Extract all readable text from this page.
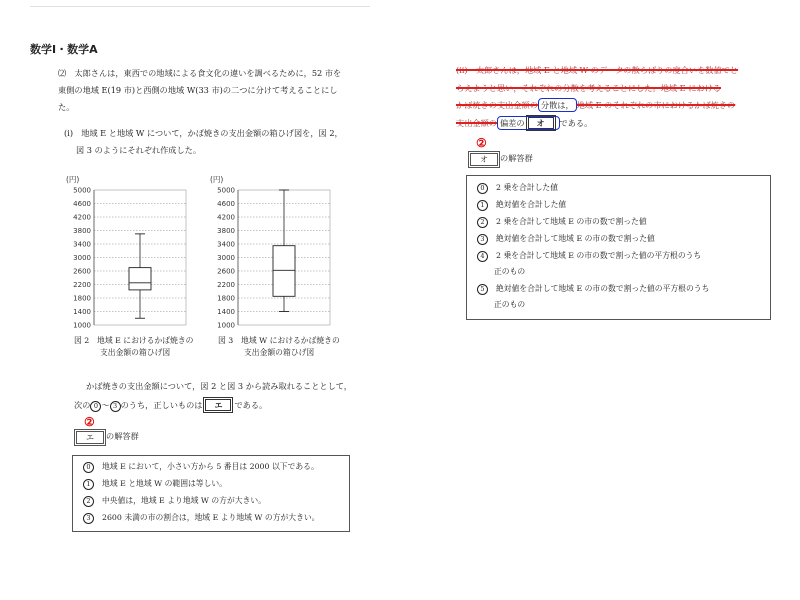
数学Ⅰ・数学A
⑵　太郎さんは，東西での地域による食文化の違いを調べるために，52 市を
東側の地域 E(19 市)と西側の地域 W(33 市)の二つに分けて考えることにし
た。
(i)　地域 E と地域 W について，かば焼きの支出金額の箱ひげ図を，図 2，
図 3 のようにそれぞれ作成した。
(円)
5000
4600
4200
3800
3400
3000
2600
2200
1800
1400
1000
(円)
5000
4600
4200
3800
3400
3000
2600
2200
1800
1400
1000
図 2　地域 E におけるかば焼きの
支出金額の箱ひげ図
図 3　地域 W におけるかば焼きの
支出金額の箱ひげ図
かば焼きの支出金額について，図 2 と図 3 から読み取れることとして，
次の 0 ～ 3 のうち，正しいものは エ である。
②
エ	の解答群
0 地域 E において，小さい方から 5 番目は 2000 以下である。
1 地域 E と地域 W の範囲は等しい。
2 中央値は，地域 E より地域 W の方が大きい。
3 2600 未満の市の割合は，地域 E より地域 W の方が大きい。
(ii)　太郎さんは，地域 E と地域 W のデータの散らばりの度合いを数値でと
らえようと思い，それぞれの分散を考えることにした。地域 E における
かば焼きの支出金額の 分散は， 地域 E のそれぞれの市におけるかば焼きの
支出金額の 偏差の オ である。
②
オ	の解答群
0 2 乗を合計した値
1 絶対値を合計した値
2 2 乗を合計して地域 E の市の数で割った値
3 絶対値を合計して地域 E の市の数で割った値
4 2 乗を合計して地域 E の市の数で割った値の平方根のうち
正のもの
5 絶対値を合計して地域 E の市の数で割った値の平方根のうち
正のもの
